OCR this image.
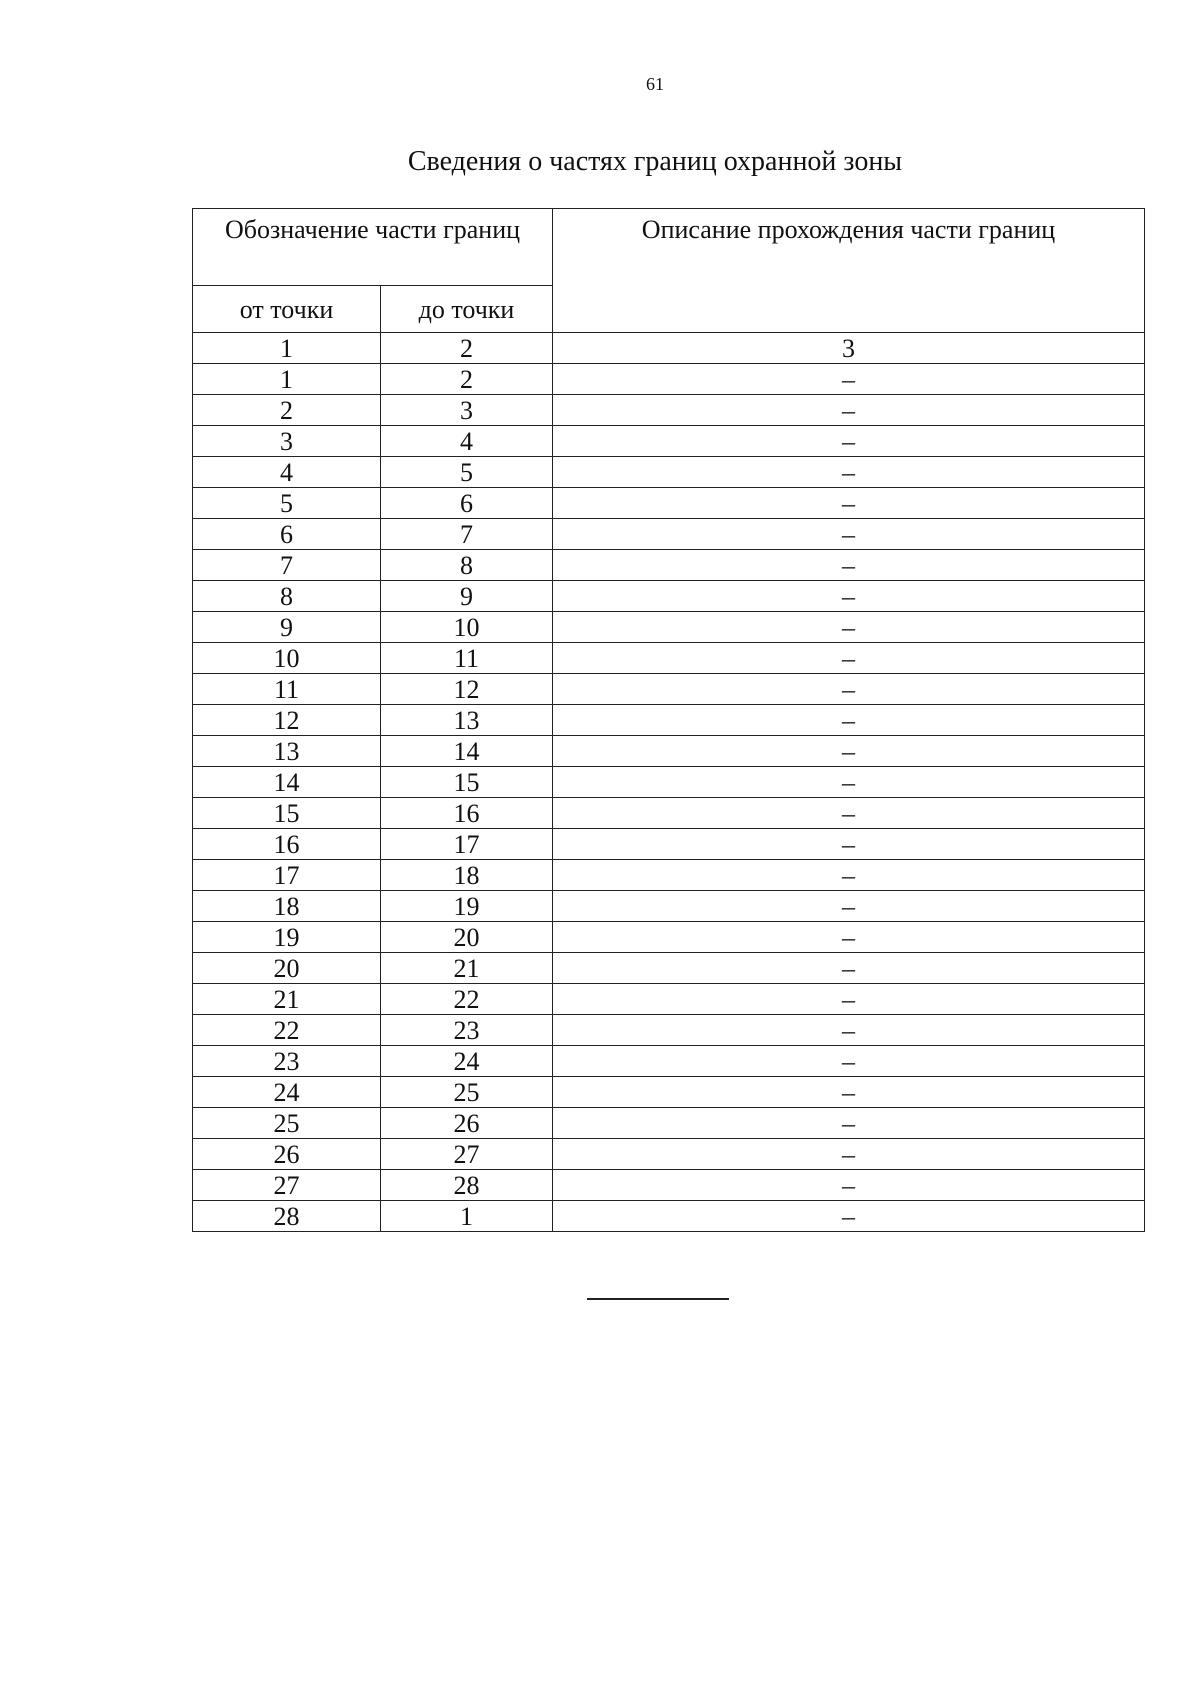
61
Сведения о частях границ охранной зоны
Обозначение части границ		Описание прохождения части границ
от точки	до точки	
1	2	3
1	2	–
2	3	–
3	4	–
4	5	–
5	6	–
6	7	–
7	8	–
8	9	–
9	10	–
10	11	–
11	12	–
12	13	–
13	14	–
14	15	–
15	16	–
16	17	–
17	18	–
18	19	–
19	20	–
20	21	–
21	22	–
22	23	–
23	24	–
24	25	–
25	26	–
26	27	–
27	28	–
28	1	–
